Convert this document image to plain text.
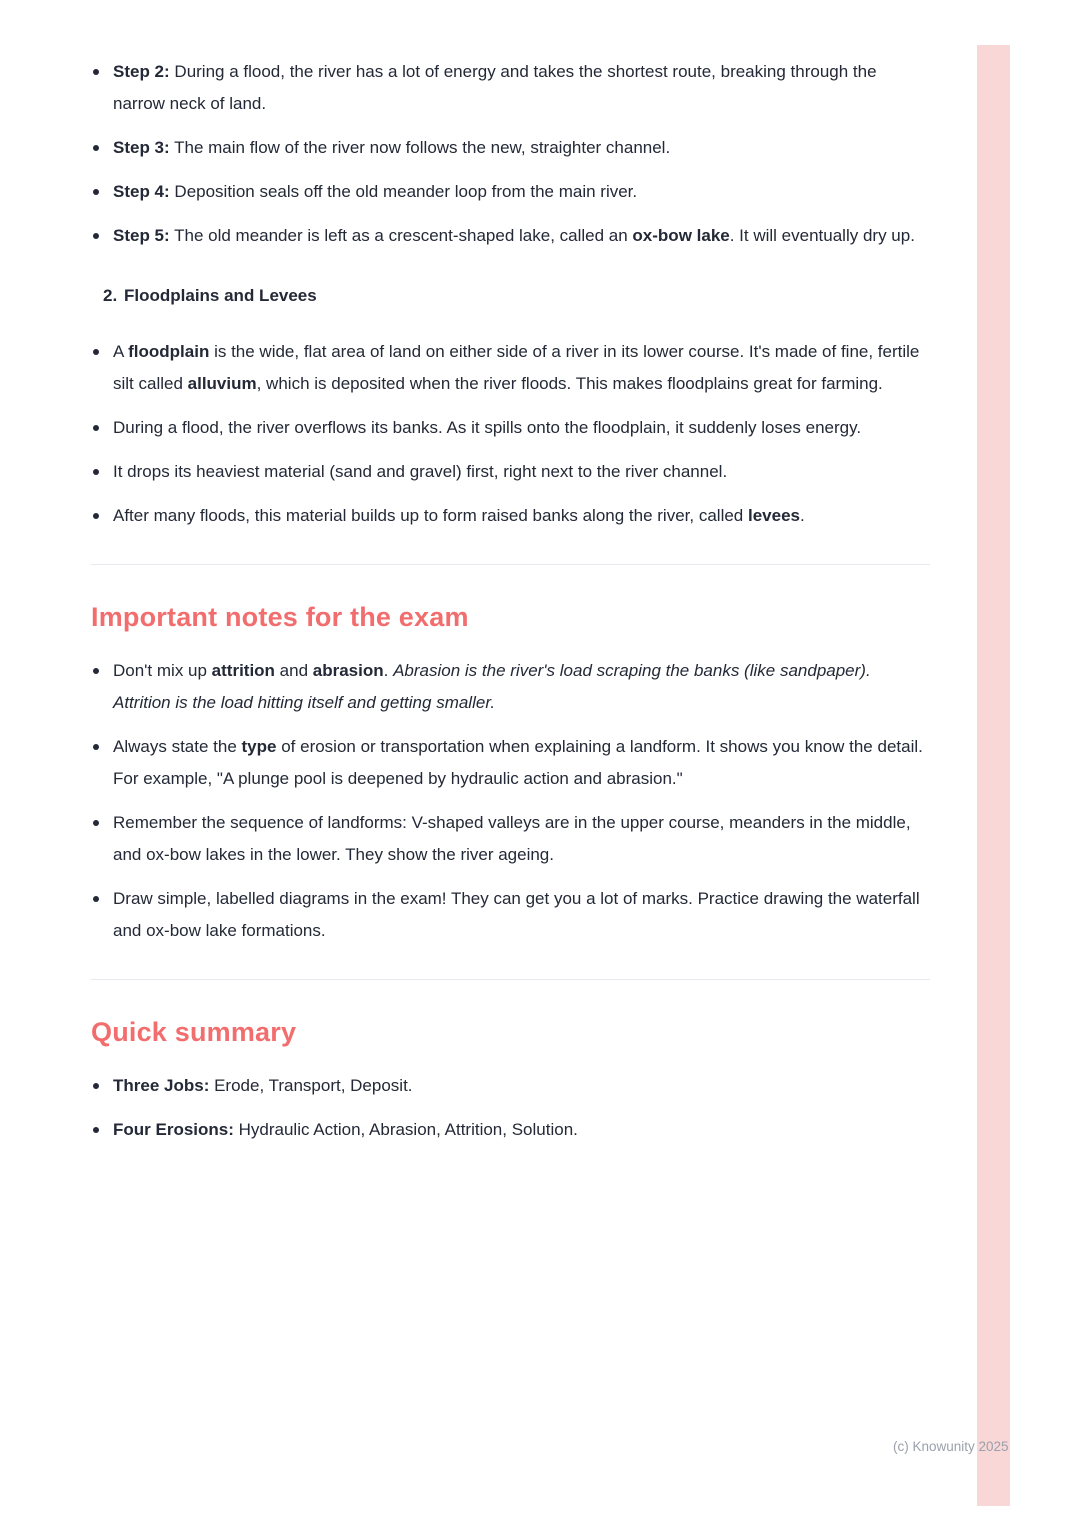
Step 2: During a flood, the river has a lot of energy and takes the shortest route, breaking through the narrow neck of land.
Step 3: The main flow of the river now follows the new, straighter channel.
Step 4: Deposition seals off the old meander loop from the main river.
Step 5: The old meander is left as a crescent-shaped lake, called an ox-bow lake. It will eventually dry up.
2. Floodplains and Levees
A floodplain is the wide, flat area of land on either side of a river in its lower course. It's made of fine, fertile silt called alluvium, which is deposited when the river floods. This makes floodplains great for farming.
During a flood, the river overflows its banks. As it spills onto the floodplain, it suddenly loses energy.
It drops its heaviest material (sand and gravel) first, right next to the river channel.
After many floods, this material builds up to form raised banks along the river, called levees.
Important notes for the exam
Don't mix up attrition and abrasion. Abrasion is the river's load scraping the banks (like sandpaper). Attrition is the load hitting itself and getting smaller.
Always state the type of erosion or transportation when explaining a landform. It shows you know the detail. For example, "A plunge pool is deepened by hydraulic action and abrasion."
Remember the sequence of landforms: V-shaped valleys are in the upper course, meanders in the middle, and ox-bow lakes in the lower. They show the river ageing.
Draw simple, labelled diagrams in the exam! They can get you a lot of marks. Practice drawing the waterfall and ox-bow lake formations.
Quick summary
Three Jobs: Erode, Transport, Deposit.
Four Erosions: Hydraulic Action, Abrasion, Attrition, Solution.
(c) Knowunity 2025
